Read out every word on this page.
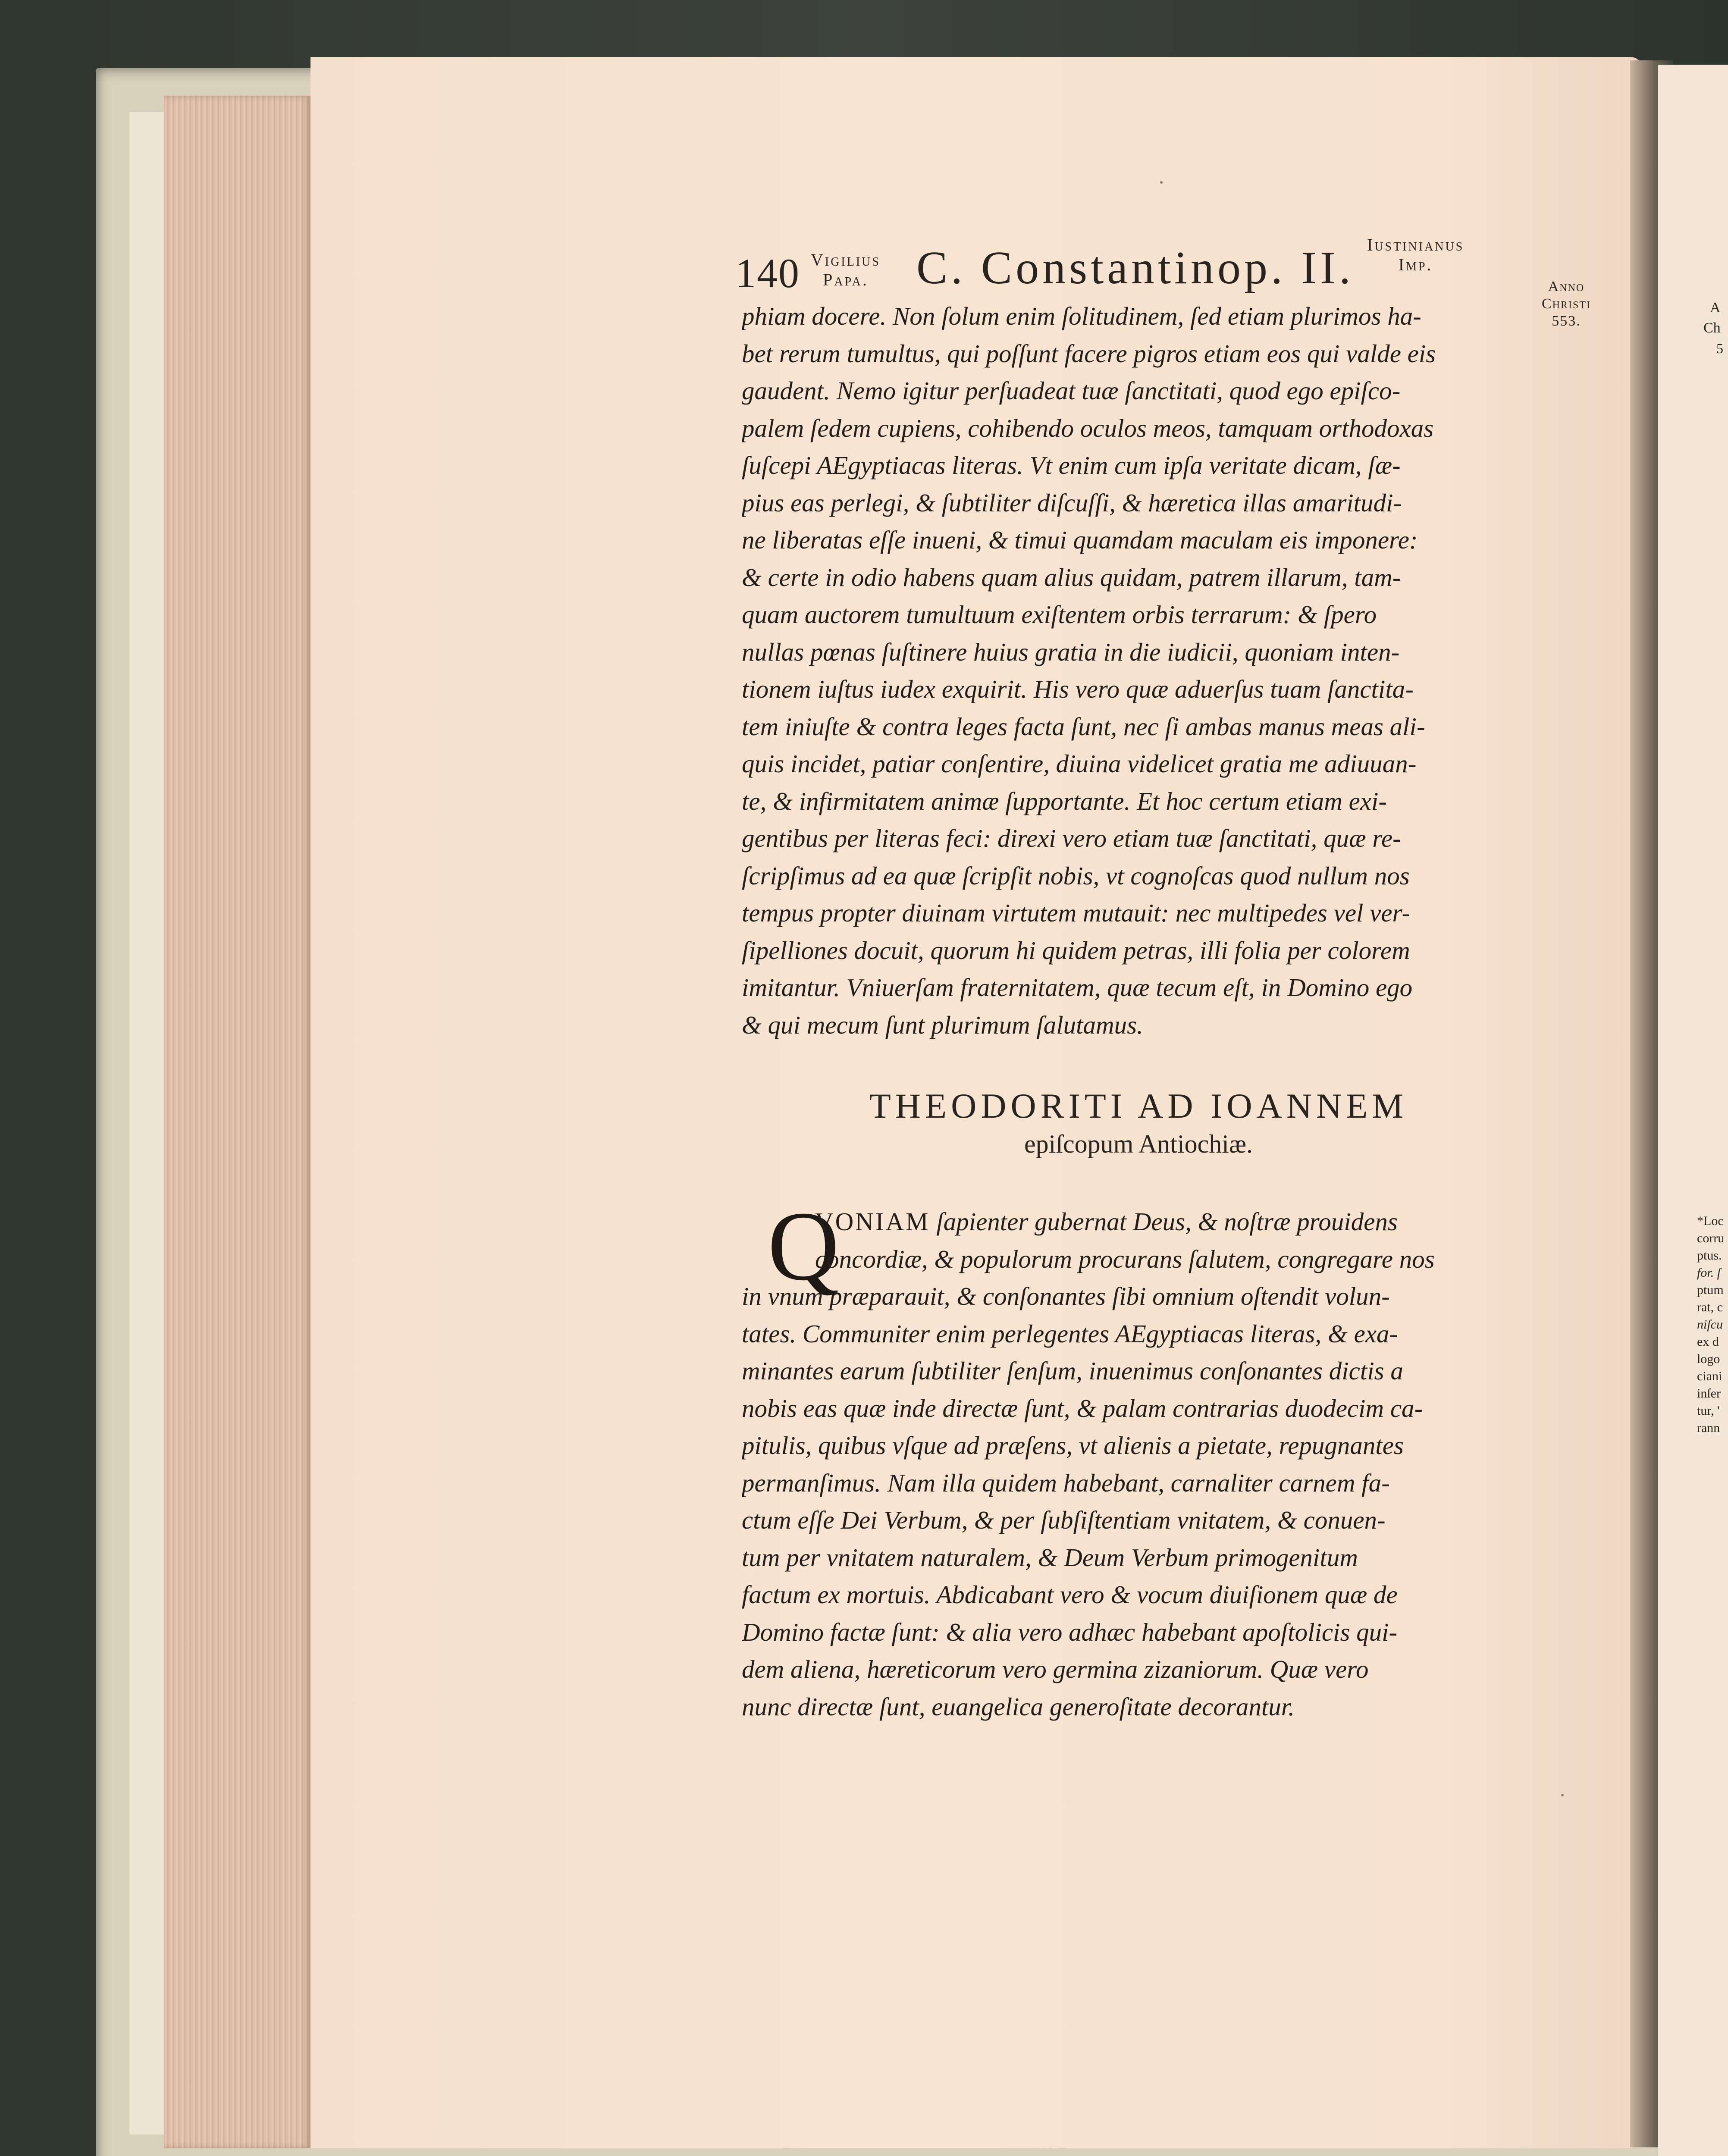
A
Ch
5
*Loc
corru
ptus.
for. ſ
ptum
rat, c
niſcu
ex d
logo
ciani
inſer
tur, '
rann
140 Vigilius
Papa. C. Constantinop. II. Iustinianus
Imp.
Anno
Christi
553.
phiam docere. Non ſolum enim ſolitudinem, ſed etiam plurimos ha-
bet rerum tumultus, qui poſſunt facere pigros etiam eos qui valde eis
gaudent. Nemo igitur perſuadeat tuæ ſanctitati, quod ego epiſco-
palem ſedem cupiens, cohibendo oculos meos, tamquam orthodoxas
ſuſcepi AEgyptiacas literas. Vt enim cum ipſa veritate dicam, ſæ-
pius eas perlegi, & ſubtiliter diſcuſſi, & hæretica illas amaritudi-
ne liberatas eſſe inueni, & timui quamdam maculam eis imponere:
& certe in odio habens quam alius quidam, patrem illarum, tam-
quam auctorem tumultuum exiſtentem orbis terrarum: & ſpero
nullas pœnas ſuſtinere huius gratia in die iudicii, quoniam inten-
tionem iuſtus iudex exquirit. His vero quæ aduerſus tuam ſanctita-
tem iniuſte & contra leges facta ſunt, nec ſi ambas manus meas ali-
quis incidet, patiar conſentire, diuina videlicet gratia me adiuuan-
te, & infirmitatem animæ ſupportante. Et hoc certum etiam exi-
gentibus per literas feci: direxi vero etiam tuæ ſanctitati, quæ re-
ſcripſimus ad ea quæ ſcripſit nobis, vt cognoſcas quod nullum nos
tempus propter diuinam virtutem mutauit: nec multipedes vel ver-
ſipelliones docuit, quorum hi quidem petras, illi folia per colorem
imitantur. Vniuerſam fraternitatem, quæ tecum eſt, in Domino ego
& qui mecum ſunt plurimum ſalutamus.
THEODORITI AD IOANNEM
epiſcopum Antiochiæ.
Q
VONIAM ſapienter gubernat Deus, & noſtræ prouidens
concordiæ, & populorum procurans ſalutem, congregare nos
in vnum præparauit, & conſonantes ſibi omnium oſtendit volun-
tates. Communiter enim perlegentes AEgyptiacas literas, & exa-
minantes earum ſubtiliter ſenſum, inuenimus conſonantes dictis a
nobis eas quæ inde directæ ſunt, & palam contrarias duodecim ca-
pitulis, quibus vſque ad præſens, vt alienis a pietate, repugnantes
permanſimus. Nam illa quidem habebant, carnaliter carnem fa-
ctum eſſe Dei Verbum, & per ſubſiſtentiam vnitatem, & conuen-
tum per vnitatem naturalem, & Deum Verbum primogenitum
factum ex mortuis. Abdicabant vero & vocum diuiſionem quæ de
Domino factæ ſunt: & alia vero adhæc habebant apoſtolicis qui-
dem aliena, hæreticorum vero germina zizaniorum. Quæ vero
nunc directæ ſunt, euangelica generoſitate decorantur.
